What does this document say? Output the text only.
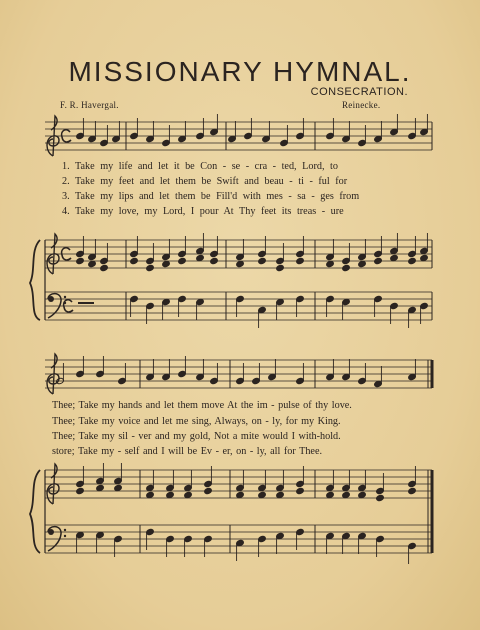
MISSIONARY HYMNAL.
CONSECRATION.
F. R. Havergal.	Reinecke.
1. Take my life and let it be Con - se - cra - ted, Lord, to
2. Take my feet and let them be Swift and beau - ti - ful for
3. Take my lips and let them be Fill'd with mes - sa - ges from
4. Take my love, my Lord, I pour At Thy feet its treas - ure
Thee; Take my hands and let them move At the im - pulse of thy love.
Thee; Take my voice and let me sing, Always, on - ly, for my King.
Thee; Take my sil - ver and my gold, Not a mite would I with-hold.
store; Take my - self and I will be Ev - er, on - ly, all for Thee.
